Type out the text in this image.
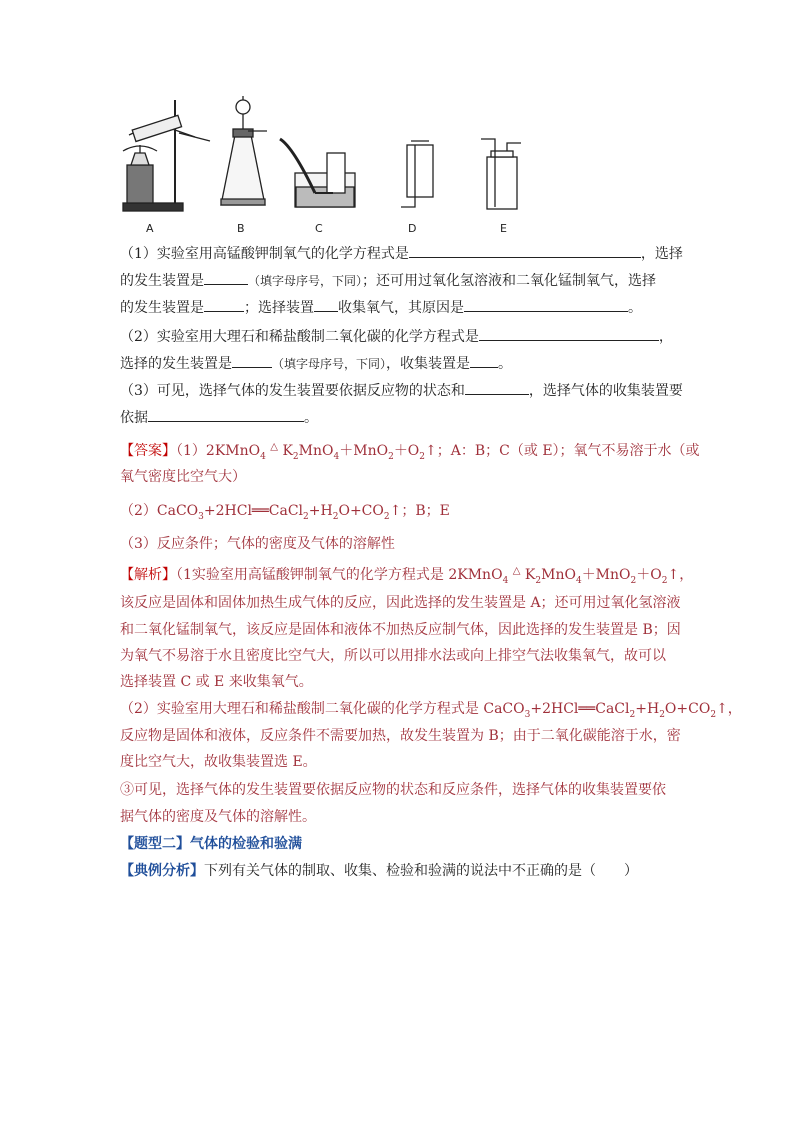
A	B	C	D	E
（1）实验室用高锰酸钾制氧气的化学方程式是	，选择
的发生装置是	（填字母序号，下同）；还可用过氧化氢溶液和二氧化锰制氧气，选择
的发生装置是	；选择装置 收集氧气，其原因是	。
（2）实验室用大理石和稀盐酸制二氧化碳的化学方程式是	，
选择的发生装置是	（填字母序号，下同），收集装置是 。
（3）可见，选择气体的发生装置要依据反应物的状态和	，选择气体的收集装置要
依据	。
【答案】（1）2KMnO$_4$ △ $K_2MnO_4+MnO_2+O_2↑$；A：B；C（或 E）；氧气不易溶于水（或
氧气密度比空气大）
$(2)CaCO_3+2HCl══CaCl_2+H_2O+CO_2↑$；B；E
（3）反应条件；气体的密度及气体的溶解性
【解析】（1实验室用高锰酸钾制氧气的化学方程式是 2KMnO$_4$ △ $K_2MnO_4+MnO_2+O_2↑$，
该反应是固体和固体加热生成气体的反应，因此选择的发生装置是 A；还可用过氧化氢溶液
和二氧化锰制氧气，该反应是固体和液体不加热反应制气体，因此选择的发生装置是 B；因
为氧气不易溶于水且密度比空气大，所以可以用排水法或向上排空气法收集氧气，故可以
选择装置 C 或 E 来收集氧气。
（2）实验室用大理石和稀盐酸制二氧化碳的化学方程式是 $CaCO_3+2HCl══CaCl_2+H_2O+CO_2↑$，
反应物是固体和液体，反应条件不需要加热，故发生装置为 B；由于二氧化碳能溶于水，密
度比空气大，故收集装置选 E。
③可见，选择气体的发生装置要依据反应物的状态和反应条件，选择气体的收集装置要依
据气体的密度及气体的溶解性。
【题型二】气体的检验和验满
【典例分析】下列有关气体的制取、收集、检验和验满的说法中不正确的是（　　）
